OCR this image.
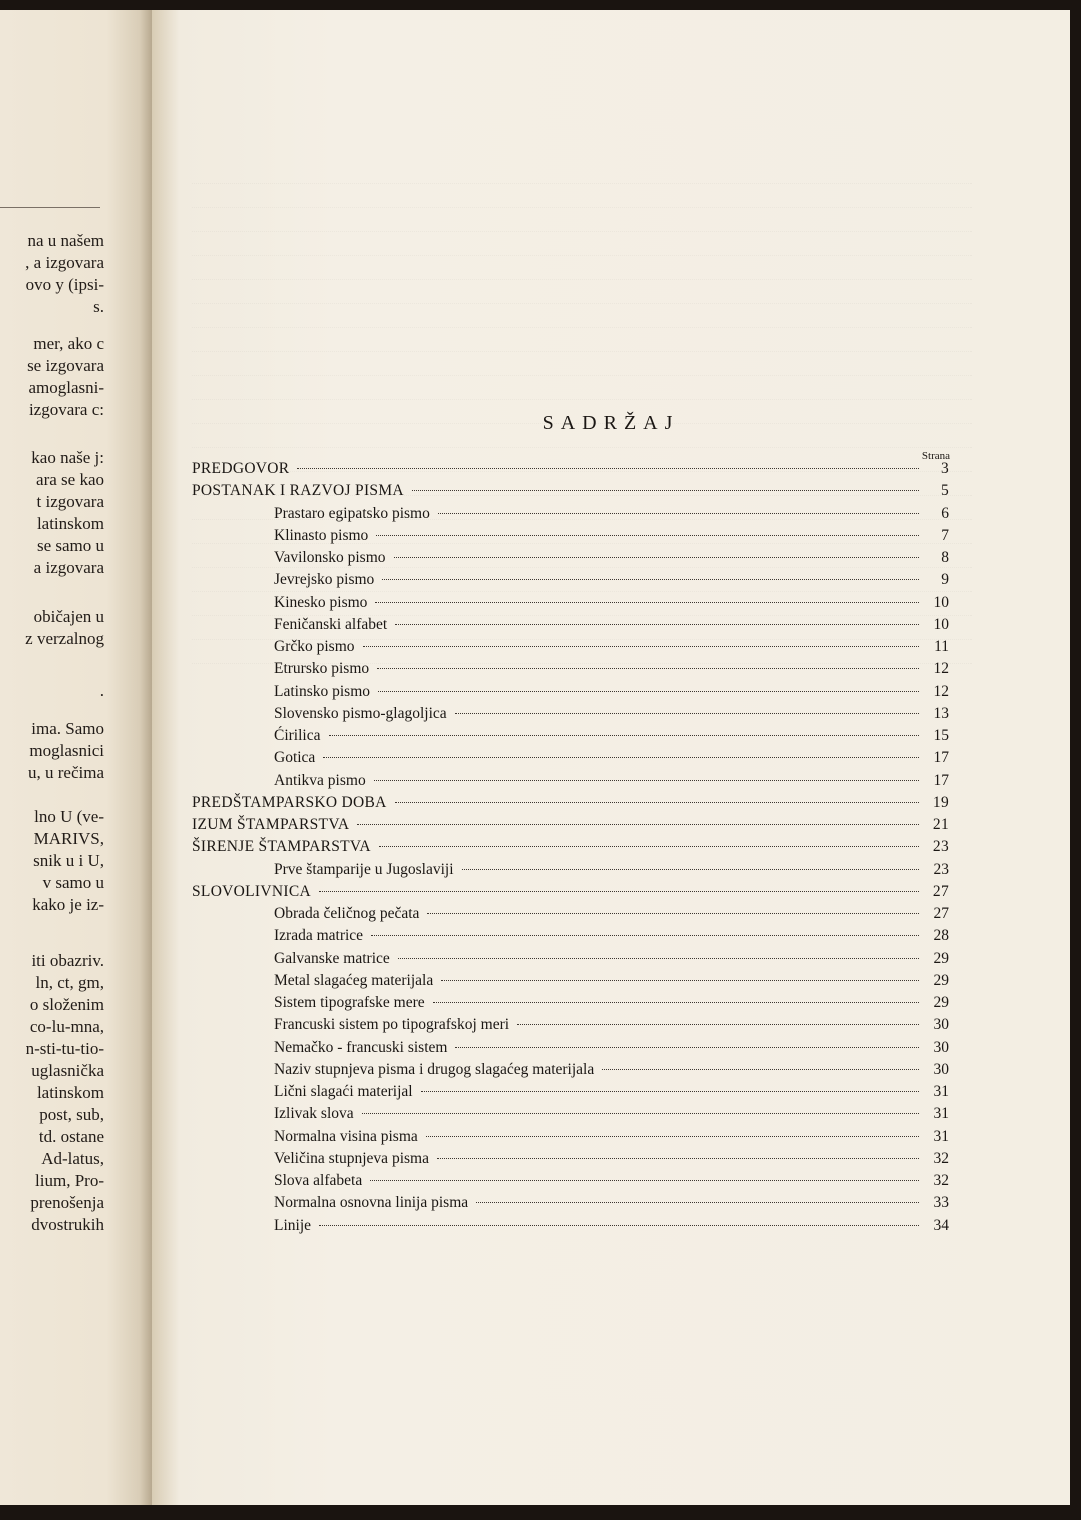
na u našem
, a izgovara
ovo y (ipsi-
s.
mer, ako c
se izgovara
amoglasni-
izgovara c:
kao naše j:
ara se kao
t izgovara
latinskom
se samo u
a izgovara
običajen u
z verzalnog
.
ima. Samo
moglasnici
u, u rečima
lno U (ve-
MARIVS,
snik u i U,
v samo u
kako je iz-
iti obazriv.
ln, ct, gm,
o složenim
co-lu-mna,
n-sti-tu-tio-
uglasnička
latinskom
post, sub,
td. ostane
Ad-latus,
lium, Pro-
prenošenja
dvostrukih
SADRŽAJ
Strana
PREDGOVOR	3
POSTANAK I RAZVOJ PISMA	5
Prastaro egipatsko pismo	6
Klinasto pismo	7
Vavilonsko pismo	8
Jevrejsko pismo	9
Kinesko pismo	10
Feničanski alfabet	10
Grčko pismo	11
Etrursko pismo	12
Latinsko pismo	12
Slovensko pismo-glagoljica	13
Ćirilica	15
Gotica	17
Antikva pismo	17
PREDŠTAMPARSKO DOBA	19
IZUM ŠTAMPARSTVA	21
ŠIRENJE ŠTAMPARSTVA	23
Prve štamparije u Jugoslaviji	23
SLOVOLIVNICA	27
Obrada čeličnog pečata	27
Izrada matrice	28
Galvanske matrice	29
Metal slagaćeg materijala	29
Sistem tipografske mere	29
Francuski sistem po tipografskoj meri	30
Nemačko - francuski sistem	30
Naziv stupnjeva pisma i drugog slagaćeg materijala	30
Lični slagaći materijal	31
Izlivak slova	31
Normalna visina pisma	31
Veličina stupnjeva pisma	32
Slova alfabeta	32
Normalna osnovna linija pisma	33
Linije	34
